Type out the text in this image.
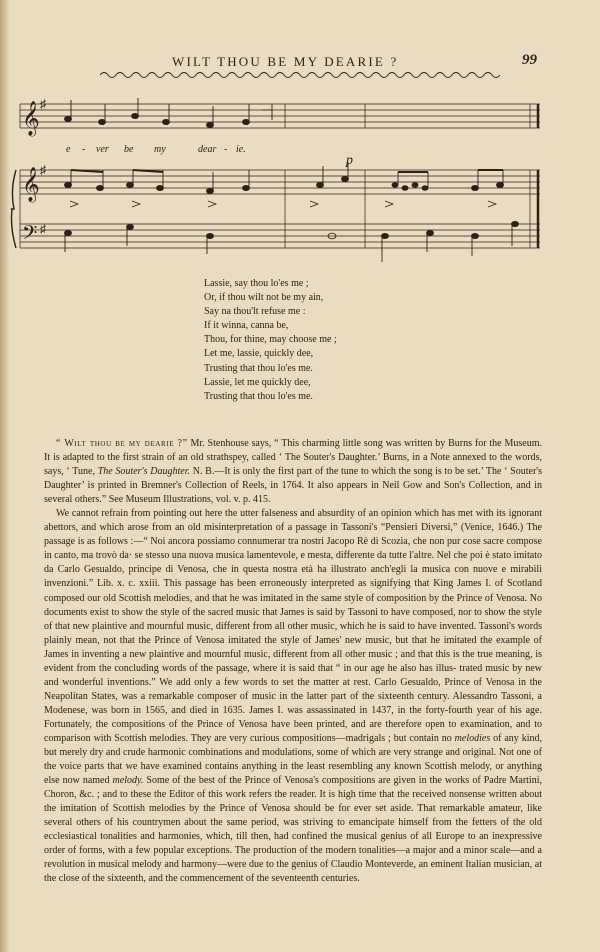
WILT THOU BE MY DEARIE ?	99
𝄞
𝄞
𝄢
♯
♯
♯
p
e - ver be my	dear - ie.
Lassie, say thou lo'es me ;
Or, if thou wilt not be my ain,
Say na thou'lt refuse me :
If it winna, canna be,
Thou, for thine, may choose me ;
Let me, lassie, quickly dee,
Trusting that thou lo'es me.
Lassie, let me quickly dee,
Trusting that thou lo'es me.

“ Wilt thou be my dearie ?” Mr. Stenhouse says, “ This charming little song was written by Burns for the Museum. It is adapted to the first strain of an old strathspey, called ‘ The Souter's Daughter.’ Burns, in a Note annexed to the words, says, ‘ Tune, The Souter's Daughter. N. B.—It is only the first part of the tune to which the song is to be set.’ The ‘ Souter's Daughter’ is printed in Bremner's Collection of Reels, in 1764. It also appears in Neil Gow and Son's Collection, and in several others.” See Museum Illustrations, vol. v. p. 415.

We cannot refrain from pointing out here the utter falseness and absurdity of an opinion which has met with its ignorant abettors, and which arose from an old misinterpretation of a passage in Tassoni's “Pensieri Diversi,” (Venice, 1646.) The passage is as follows :—“ Noi ancora possiamo connumerar tra nostri Jacopo Rè di Scozia, che non pur cose sacre compose in canto, ma trovò da· se stesso una nuova musica lamentevole, e mesta, differente da tutte l'altre. Nel che poi è stato imitato da Carlo Gesualdo, principe di Venosa, che in questa nostra età ha illustrato anch'egli la musica con nuove e mirabili invenzioni.” Lib. x. c. xxiii. This passage has been erroneously interpreted as signifying that King James I. of Scotland composed our old Scottish melodies, and that he was imitated in the same style of composition by the Prince of Venosa. No documents exist to show the style of the sacred music that James is said by Tassoni to have composed, nor to show the style of that new plaintive and mournful music, different from all other music, which he is said to have invented. Tassoni's words plainly mean, not that the Prince of Venosa imitated the style of James' new music, but that he imitated the example of James in inventing a new plaintive and mournful music, different from all other music ; and that this is the true meaning, is evident from the concluding words of the passage, where it is said that “ in our age he also has illus- trated music by new and wonderful inventions.” We add only a few words to set the matter at rest. Carlo Gesualdo, Prince of Venosa in the Neapolitan States, was a remarkable composer of music in the latter part of the sixteenth century. Alessandro Tassoni, a Modenese, was born in 1565, and died in 1635. James I. was assassinated in 1437, in the forty-fourth year of his age. Fortunately, the compositions of the Prince of Venosa have been printed, and are therefore open to examination, and to comparison with Scottish melodies. They are very curious compositions—madrigals ; but contain no melodies of any kind, but merely dry and crude harmonic combinations and modulations, some of which are very strange and original. Not one of the voice parts that we have examined contains anything in the least resembling any known Scottish melody, or anything else now named melody. Some of the best of the Prince of Venosa's compositions are given in the works of Padre Martini, Choron, &c. ; and to these the Editor of this work refers the reader. It is high time that the received nonsense written about the imitation of Scottish melodies by the Prince of Venosa should be for ever set aside. That remarkable amateur, like several others of his countrymen about the same period, was striving to emancipate himself from the fetters of the old ecclesiastical tonalities and harmonies, which, till then, had confined the musical genius of all Europe to an inexpressive order of forms, with a few popular exceptions. The production of the modern tonalities—a major and a minor scale—and a revolution in musical melody and harmony—were due to the genius of Claudio Monteverde, an eminent Italian musician, at the close of the sixteenth, and the commencement of the seventeenth centuries.
